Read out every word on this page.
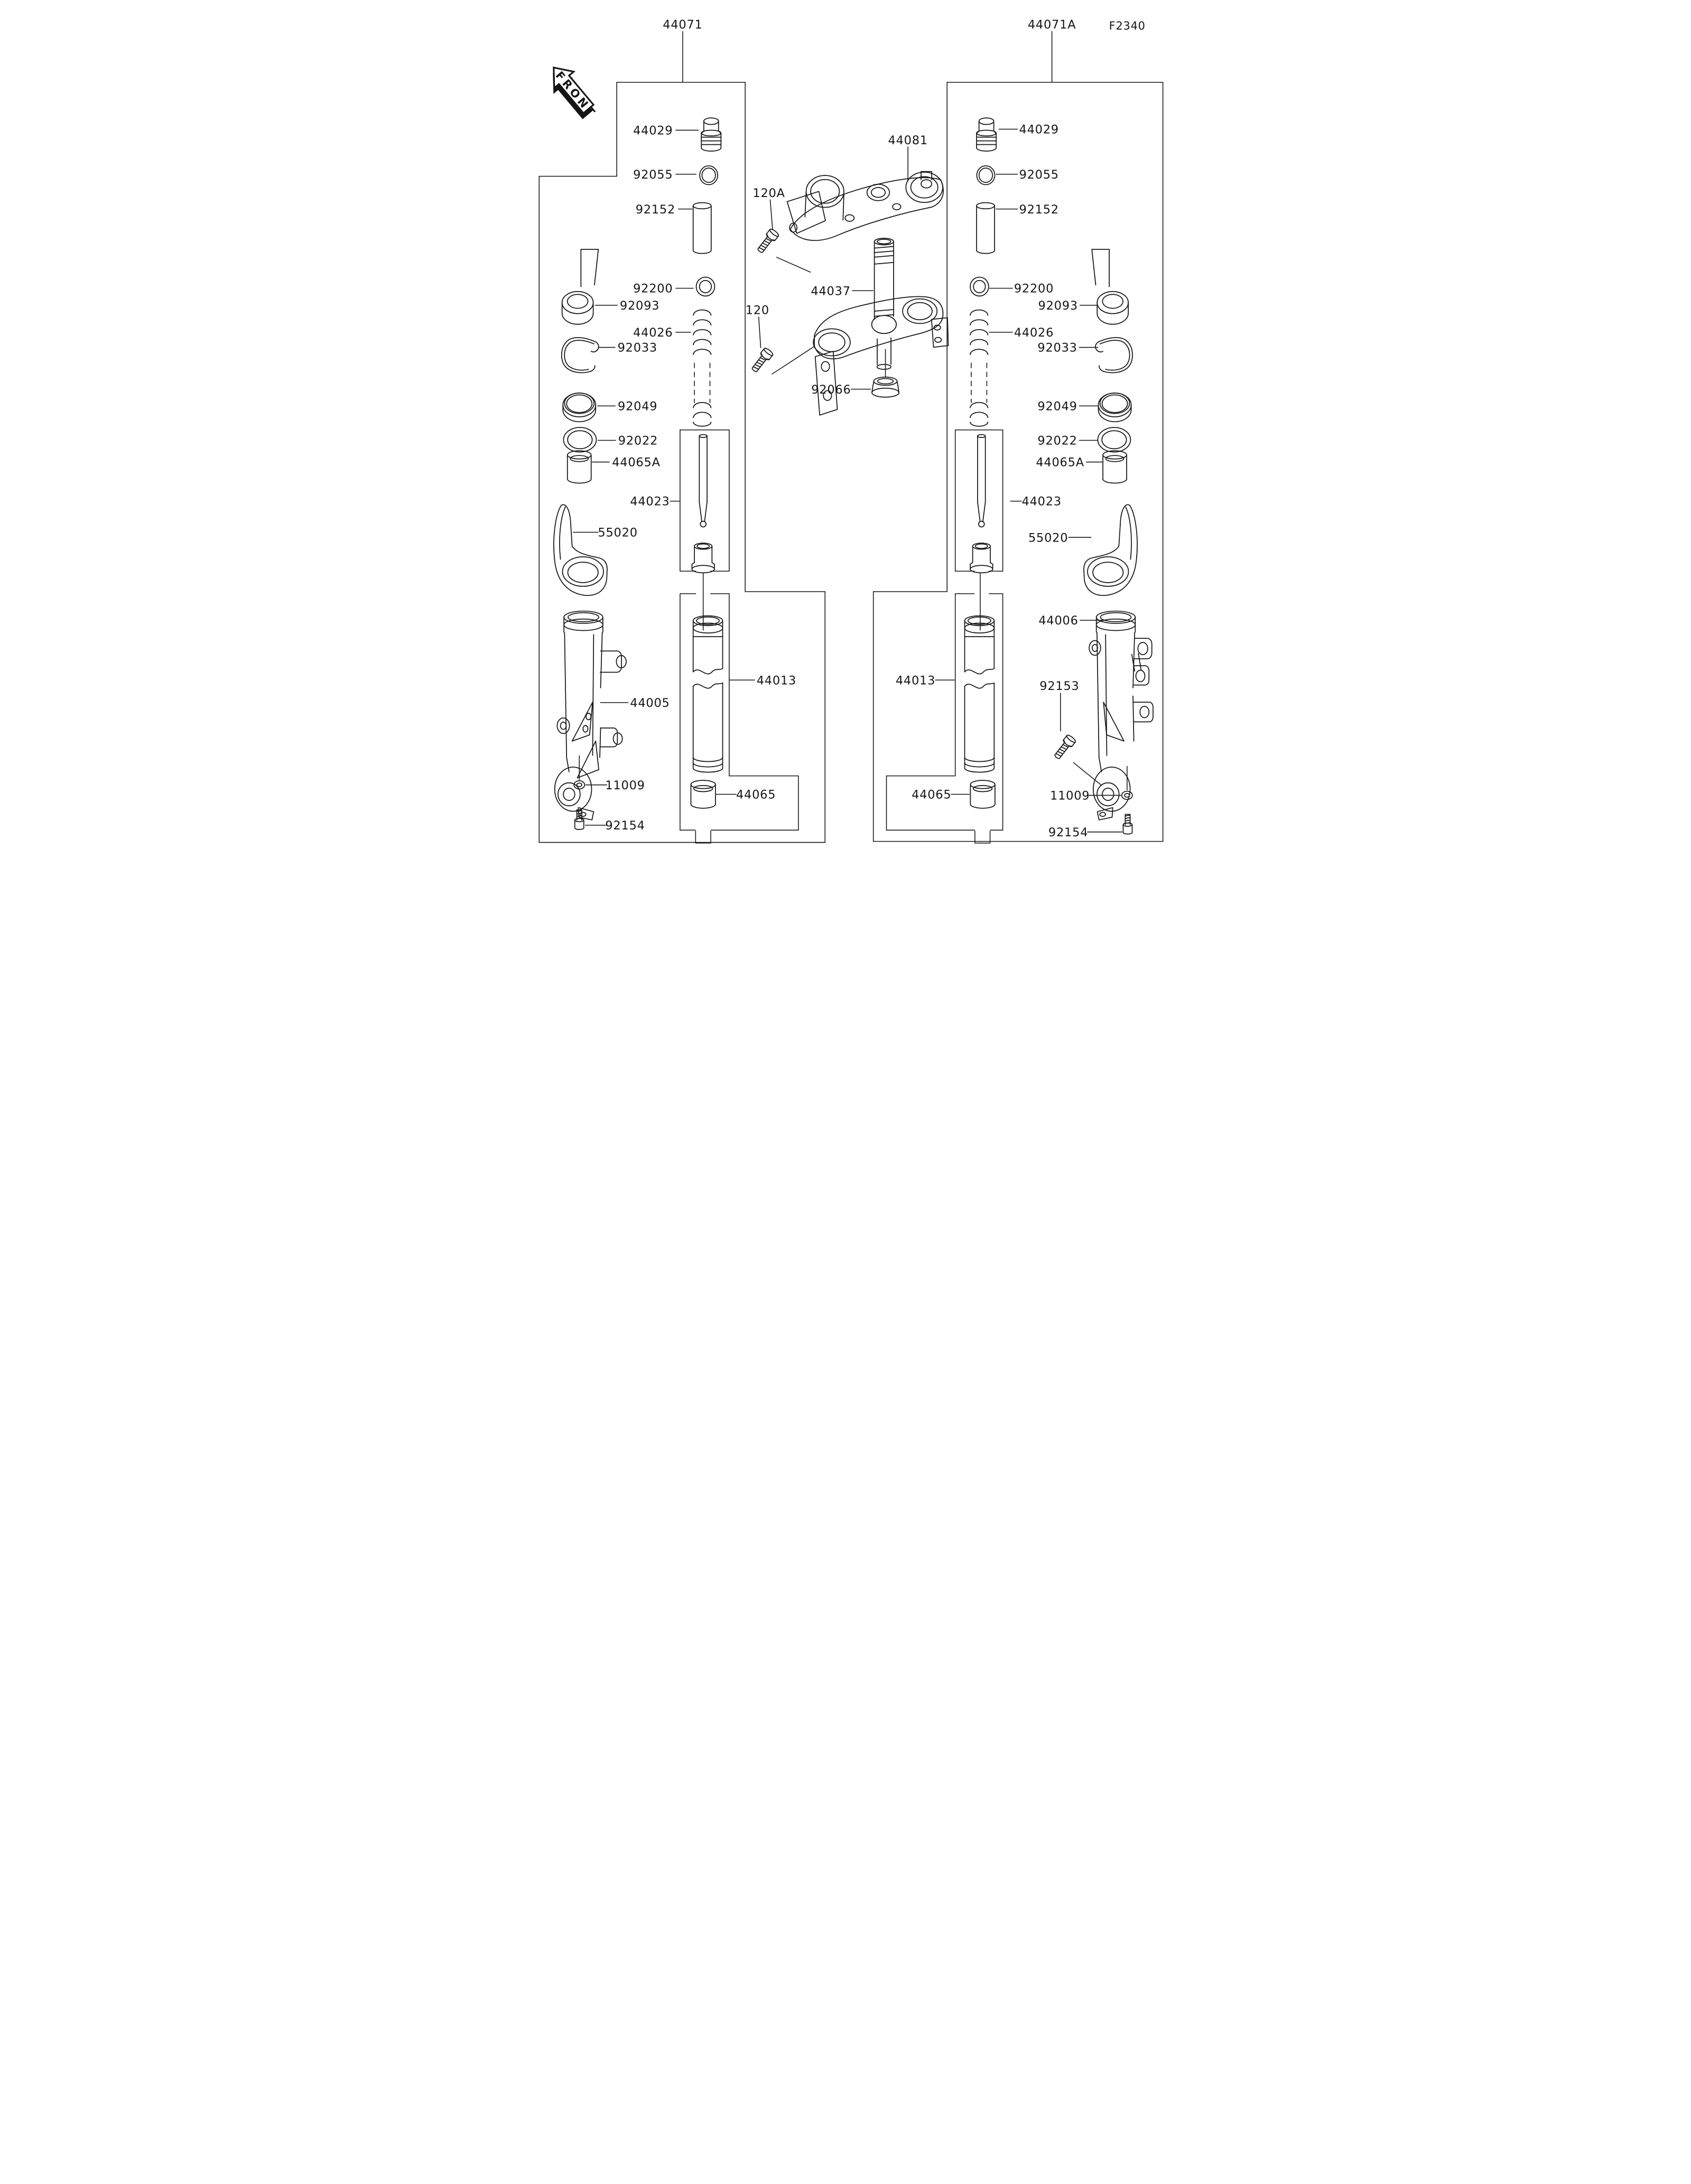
FRONT
44071	44071A F2340
44029
92055
92152
92200
44026
92093
92033
92049
92022
44065A
44023
55020
44005
11009
92154
44013
44065
44081
120A
44037
120
92066
44029
92055
92152
92200
44026
92093
92033
92049
92022
44065A
44023
55020
44006
92153
11009
92154
44013
44065
